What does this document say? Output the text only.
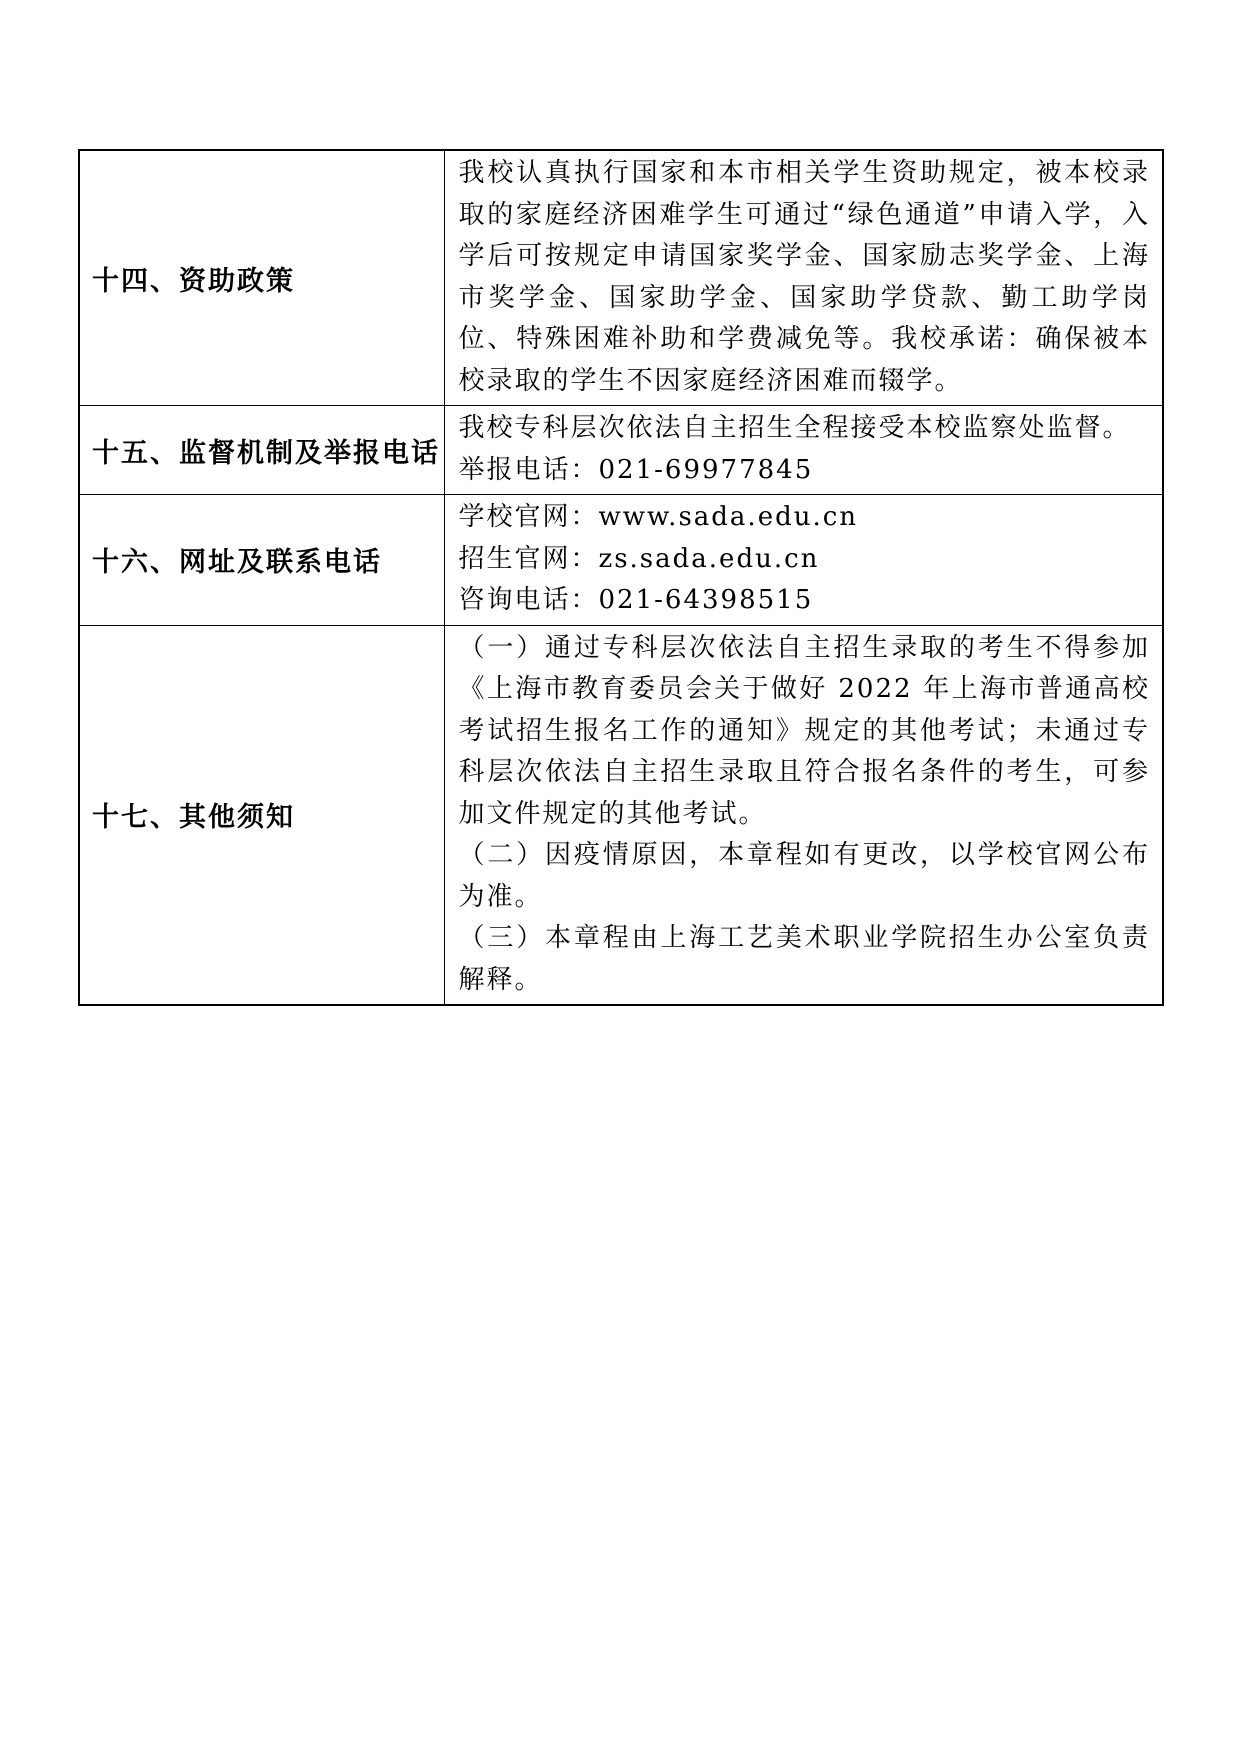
十四、资助政策	我校认真执行国家和本市相关学生资助规定，被本校录取的家庭经济困难学生可通过“绿色通道”申请入学，入学后可按规定申请国家奖学金、国家励志奖学金、上海市奖学金、国家助学金、国家助学贷款、勤工助学岗位、特殊困难补助和学费减免等。我校承诺：确保被本校录取的学生不因家庭经济困难而辍学。

十五、监督机制及举报电话	我校专科层次依法自主招生全程接受本校监察处监督。
举报电话：021-69977845

十六、网址及联系电话	学校官网：www.sada.edu.cn
招生官网：zs.sada.edu.cn
咨询电话：021-64398515

十七、其他须知	（一）通过专科层次依法自主招生录取的考生不得参加《上海市教育委员会关于做好 2022 年上海市普通高校考试招生报名工作的通知》规定的其他考试；未通过专科层次依法自主招生录取且符合报名条件的考生，可参加文件规定的其他考试。
（二）因疫情原因，本章程如有更改，以学校官网公布为准。
（三）本章程由上海工艺美术职业学院招生办公室负责解释。
